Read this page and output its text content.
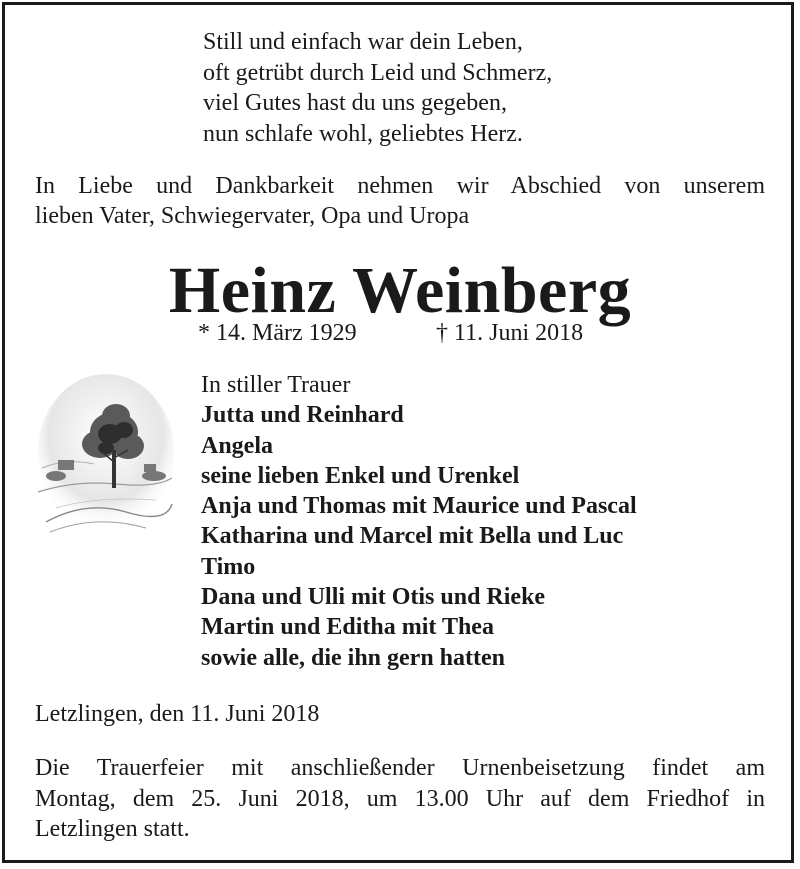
Still und einfach war dein Leben,
oft getrübt durch Leid und Schmerz,
viel Gutes hast du uns gegeben,
nun schlafe wohl, geliebtes Herz.
In Liebe und Dankbarkeit nehmen wir Abschied von unserem
lieben Vater, Schwiegervater, Opa und Uropa
Heinz Weinberg
* 14. März 1929	† 11. Juni 2018
In stiller Trauer
Jutta und Reinhard
Angela
seine lieben Enkel und Urenkel
Anja und Thomas mit Maurice und Pascal
Katharina und Marcel mit Bella und Luc
Timo
Dana und Ulli mit Otis und Rieke
Martin und Editha mit Thea
sowie alle, die ihn gern hatten
Letzlingen, den 11. Juni 2018
Die Trauerfeier mit anschließender Urnenbeisetzung findet am
Montag, dem 25. Juni 2018, um 13.00 Uhr auf dem Friedhof in
Letzlingen statt.
